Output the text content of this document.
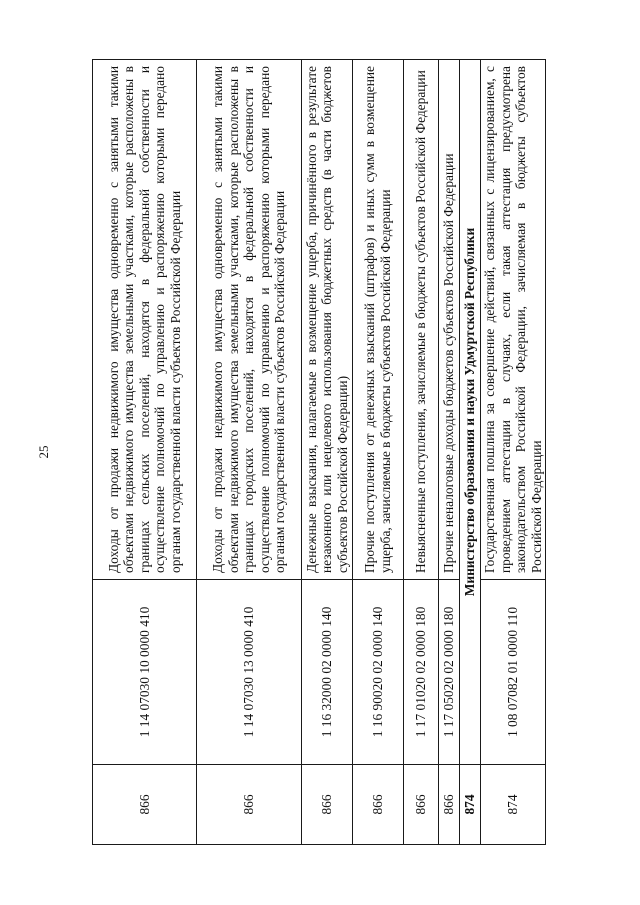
25
866	1 14 07030 10 0000 410	Доходы от продажи недвижимого имущества одновременно с занятыми такими объектами недвижимого имущества земельными участками, которые расположены в границах сельских поселений, находятся в федеральной собственности и осуществление полномочий по управлению и распоряжению которыми передано органам государственной власти субъектов Российской Федерации
866	1 14 07030 13 0000 410	Доходы от продажи недвижимого имущества одновременно с занятыми такими объектами недвижимого имущества земельными участками, которые расположены в границах городских поселений, находятся в федеральной собственности и осуществление полномочий по управлению и распоряжению которыми передано органам государственной власти субъектов Российской Федерации
866	1 16 32000 02 0000 140	Денежные взыскания, налагаемые в возмещение ущерба, причинённого в результате незаконного или нецелевого использования бюджетных средств (в части бюджетов субъектов Российской Федерации)
866	1 16 90020 02 0000 140	Прочие поступления от денежных взысканий (штрафов) и иных сумм в возмещение ущерба, зачисляемые в бюджеты субъектов Российской Федерации
866	1 17 01020 02 0000 180	Невыясненные поступления, зачисляемые в бюджеты субъектов Российской Федерации
866	1 17 05020 02 0000 180	Прочие неналоговые доходы бюджетов субъектов Российской Федерации
874	Министерство образования и науки Удмуртской Республики	
874	1 08 07082 01 0000 110	Государственная пошлина за совершение действий, связанных с лицензированием, с проведением аттестации в случаях, если такая аттестация предусмотрена законодательством Российской Федерации, зачисляемая в бюджеты субъектов Российской Федерации
